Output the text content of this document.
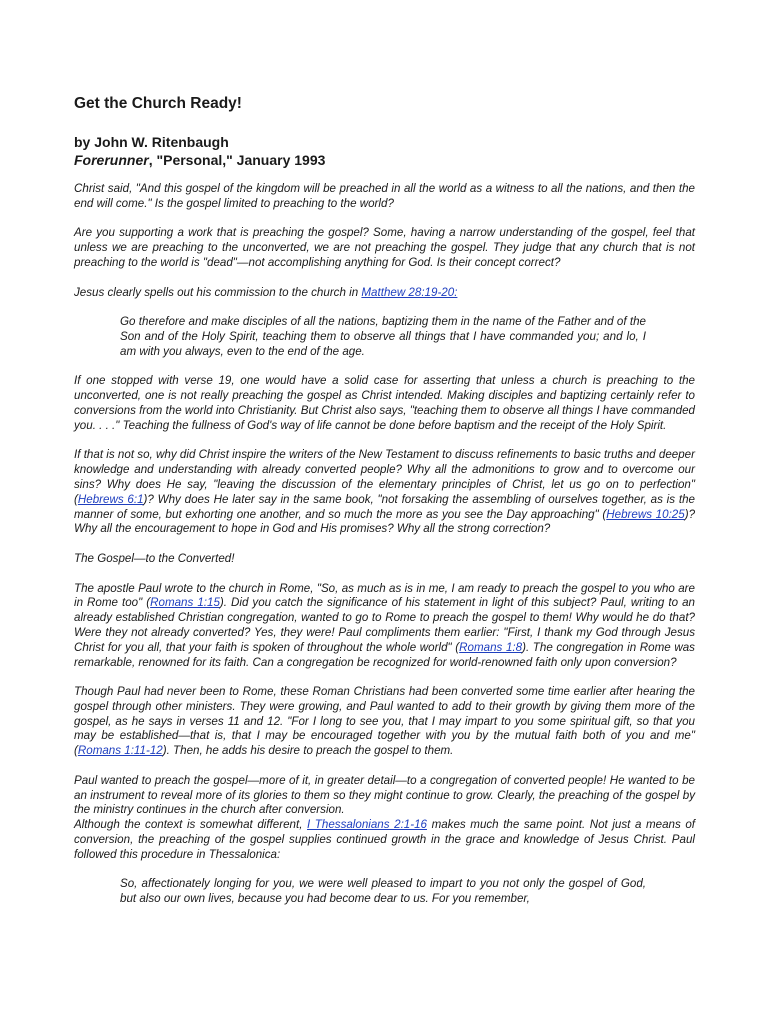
Get the Church Ready!
by John W. Ritenbaugh
Forerunner, "Personal," January 1993

Christ said, "And this gospel of the kingdom will be preached in all the world as a witness to all the nations, and then the end will come." Is the gospel limited to preaching to the world?

Are you supporting a work that is preaching the gospel? Some, having a narrow understanding of the gospel, feel that unless we are preaching to the unconverted, we are not preaching the gospel. They judge that any church that is not preaching to the world is "dead"—not accomplishing anything for God. Is their concept correct?

Jesus clearly spells out his commission to the church in Matthew 28:19-20:

Go therefore and make disciples of all the nations, baptizing them in the name of the Father and of the Son and of the Holy Spirit, teaching them to observe all things that I have commanded you; and lo, I am with you always, even to the end of the age.

If one stopped with verse 19, one would have a solid case for asserting that unless a church is preaching to the unconverted, one is not really preaching the gospel as Christ intended. Making disciples and baptizing certainly refer to conversions from the world into Christianity. But Christ also says, "teaching them to observe all things I have commanded you. . . ." Teaching the fullness of God's way of life cannot be done before baptism and the receipt of the Holy Spirit.

If that is not so, why did Christ inspire the writers of the New Testament to discuss refinements to basic truths and deeper knowledge and understanding with already converted people? Why all the admonitions to grow and to overcome our sins? Why does He say, "leaving the discussion of the elementary principles of Christ, let us go on to perfection" (Hebrews 6:1)? Why does He later say in the same book, "not forsaking the assembling of ourselves together, as is the manner of some, but exhorting one another, and so much the more as you see the Day approaching" (Hebrews 10:25)? Why all the encouragement to hope in God and His promises? Why all the strong correction?

The Gospel—to the Converted!

The apostle Paul wrote to the church in Rome, "So, as much as is in me, I am ready to preach the gospel to you who are in Rome too" (Romans 1:15). Did you catch the significance of his statement in light of this subject? Paul, writing to an already established Christian congregation, wanted to go to Rome to preach the gospel to them! Why would he do that? Were they not already converted? Yes, they were! Paul compliments them earlier: "First, I thank my God through Jesus Christ for you all, that your faith is spoken of throughout the whole world" (Romans 1:8). The congregation in Rome was remarkable, renowned for its faith. Can a congregation be recognized for world-renowned faith only upon conversion?

Though Paul had never been to Rome, these Roman Christians had been converted some time earlier after hearing the gospel through other ministers. They were growing, and Paul wanted to add to their growth by giving them more of the gospel, as he says in verses 11 and 12. "For I long to see you, that I may impart to you some spiritual gift, so that you may be established—that is, that I may be encouraged together with you by the mutual faith both of you and me" (Romans 1:11-12). Then, he adds his desire to preach the gospel to them.

Paul wanted to preach the gospel—more of it, in greater detail—to a congregation of converted people! He wanted to be an instrument to reveal more of its glories to them so they might continue to grow. Clearly, the preaching of the gospel by the ministry continues in the church after conversion.

Although the context is somewhat different, I Thessalonians 2:1-16 makes much the same point. Not just a means of conversion, the preaching of the gospel supplies continued growth in the grace and knowledge of Jesus Christ. Paul followed this procedure in Thessalonica:

So, affectionately longing for you, we were well pleased to impart to you not only the gospel of God, but also our own lives, because you had become dear to us. For you remember,
